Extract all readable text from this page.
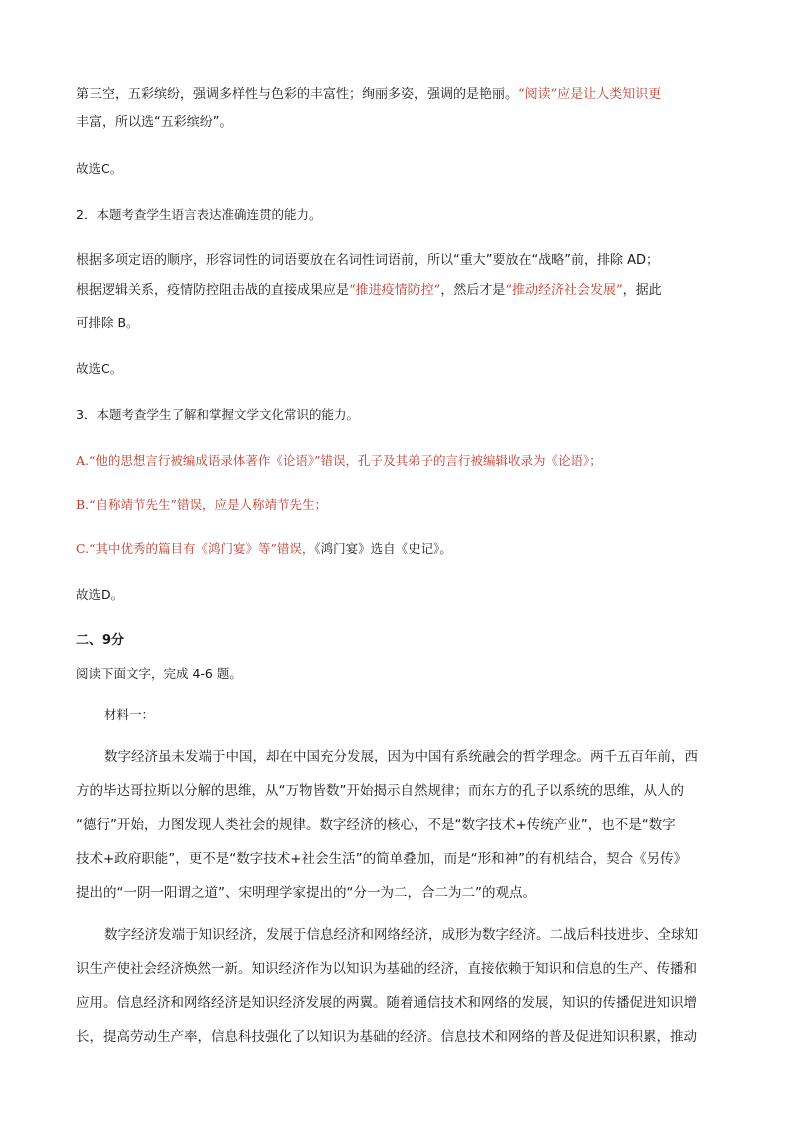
第三空，五彩缤纷，强调多样性与色彩的丰富性；绚丽多姿，强调的是艳丽。“阅读”应是让人类知识更
丰富，所以选“五彩缤纷”。
故选C。
2．本题考查学生语言表达准确连贯的能力。
根据多项定语的顺序，形容词性的词语要放在名词性词语前，所以“重大”要放在“战略”前，排除 AD；
根据逻辑关系，疫情防控阻击战的直接成果应是“推进疫情防控”，然后才是“推动经济社会发展”，据此
可排除 B。
故选C。
3．本题考查学生了解和掌握文学文化常识的能力。
A.“他的思想言行被编成语录体著作《论语》”错误，孔子及其弟子的言行被编辑收录为《论语》；
B.“自称靖节先生”错误，应是人称靖节先生；
C.“其中优秀的篇目有《鸿门宴》等”错误，《鸿门宴》选自《史记》。
故选D。
二、9分
阅读下面文字，完成 4-6 题。
材料一：
数字经济虽未发端于中国，却在中国充分发展，因为中国有系统融会的哲学理念。两千五百年前，西
方的毕达哥拉斯以分解的思维，从“万物皆数”开始揭示自然规律；而东方的孔子以系统的思维，从人的
“德行”开始，力图发现人类社会的规律。数字经济的核心，不是“数字技术+传统产业”，也不是“数字
技术+政府职能”，更不是“数字技术+社会生活”的简单叠加，而是“形和神”的有机结合，契合《另传》
提出的“一阴一阳谓之道”、宋明理学家提出的“分一为二，合二为二”的观点。
数字经济发端于知识经济，发展于信息经济和网络经济，成形为数字经济。二战后科技进步、全球知
识生产使社会经济焕然一新。知识经济作为以知识为基础的经济，直接依赖于知识和信息的生产、传播和
应用。信息经济和网络经济是知识经济发展的两翼。随着通信技术和网络的发展，知识的传播促进知识增
长，提高劳动生产率，信息科技强化了以知识为基础的经济。信息技术和网络的普及促进知识积累，推动
